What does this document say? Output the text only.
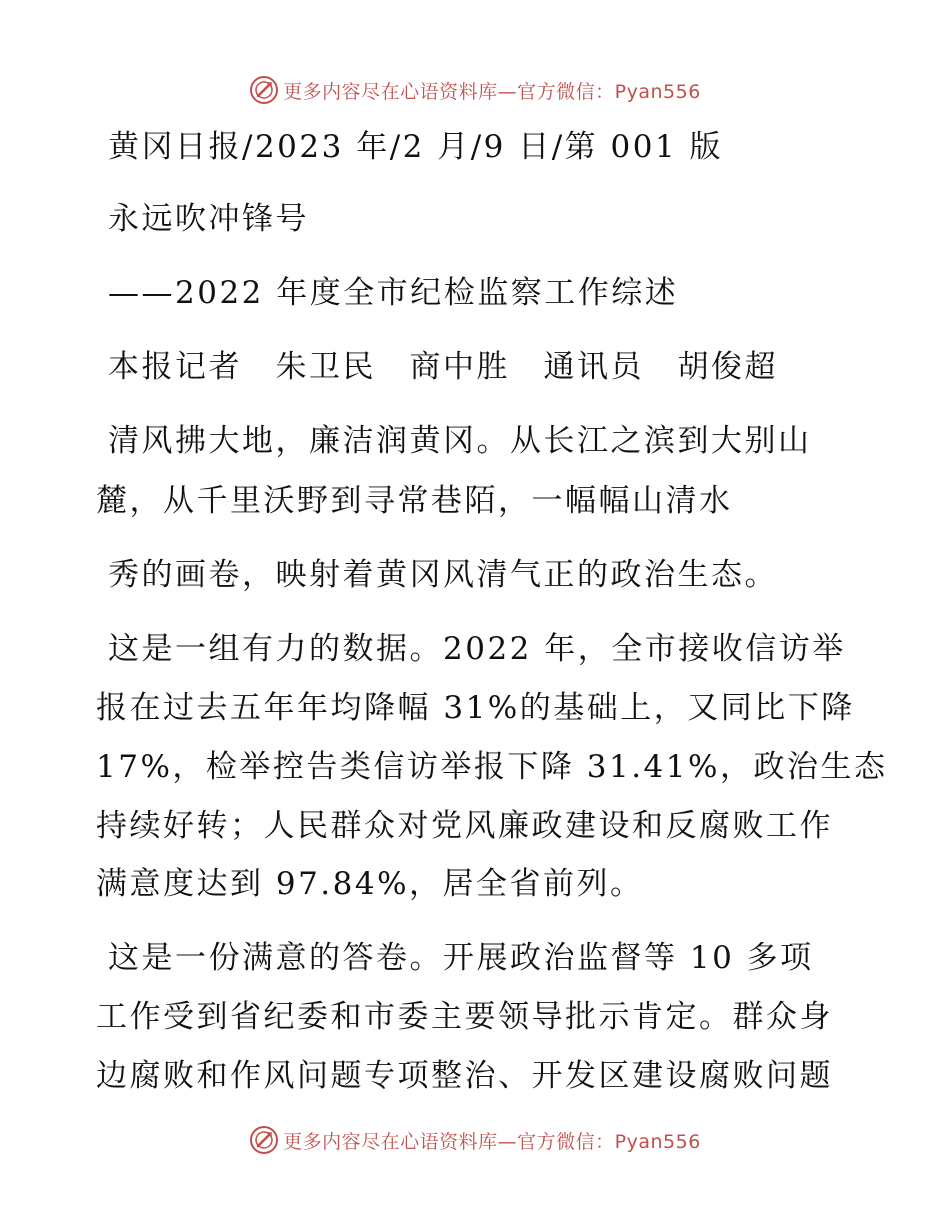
更多内容尽在心语资料库—官方微信：Pyan556
黄冈日报/2023 年/2 月/9 日/第 001 版
永远吹冲锋号
——2022 年度全市纪检监察工作综述
本报记者　朱卫民　商中胜　通讯员　胡俊超
清风拂大地，廉洁润黄冈。从长江之滨到大别山
麓，从千里沃野到寻常巷陌，一幅幅山清水
秀的画卷，映射着黄冈风清气正的政治生态。
这是一组有力的数据。2022 年，全市接收信访举
报在过去五年年均降幅 31%的基础上，又同比下降
17%，检举控告类信访举报下降 31.41%，政治生态
持续好转；人民群众对党风廉政建设和反腐败工作
满意度达到 97.84%，居全省前列。
这是一份满意的答卷。开展政治监督等 10 多项
工作受到省纪委和市委主要领导批示肯定。群众身
边腐败和作风问题专项整治、开发区建设腐败问题
更多内容尽在心语资料库—官方微信：Pyan556
